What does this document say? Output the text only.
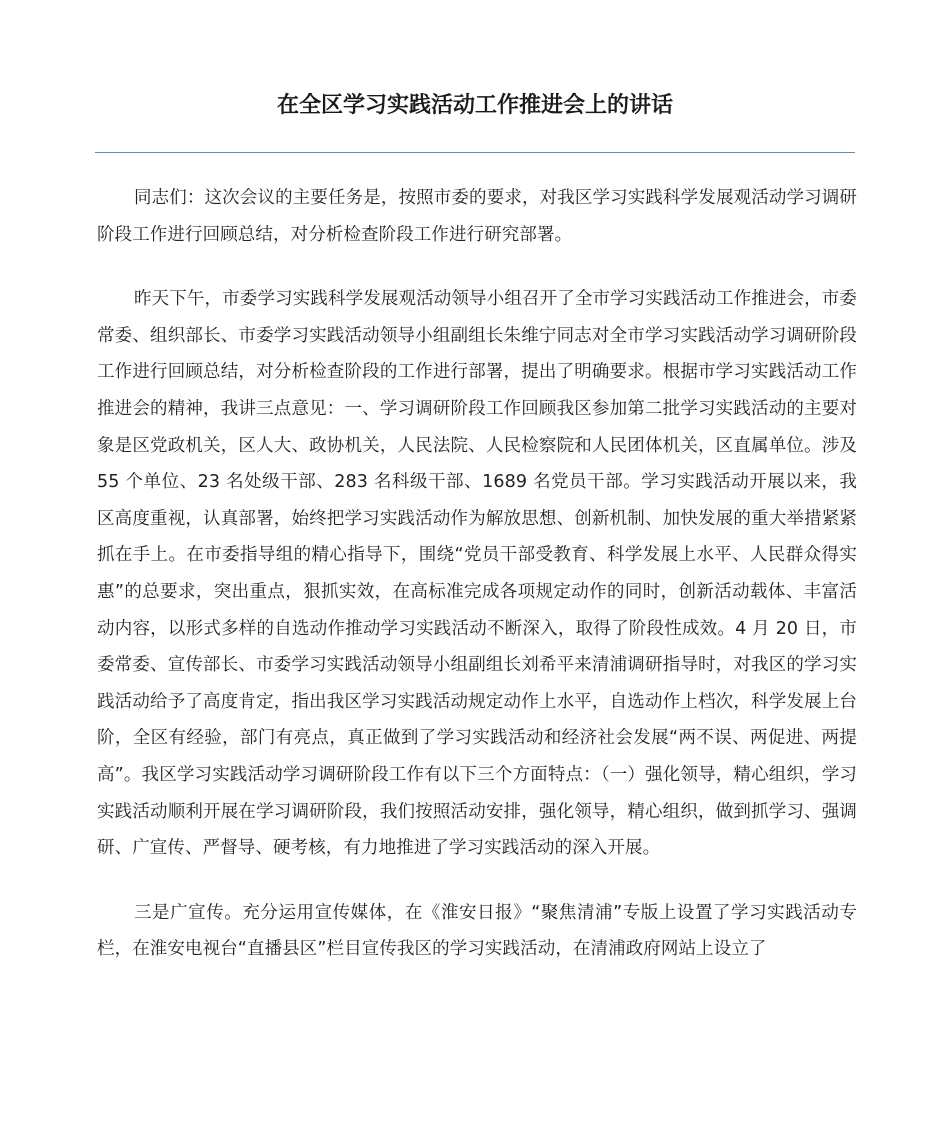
在全区学习实践活动工作推进会上的讲话

同志们：这次会议的主要任务是，按照市委的要求，对我区学习实践科学发展观活动学习调研阶段工作进行回顾总结，对分析检查阶段工作进行研究部署。

昨天下午，市委学习实践科学发展观活动领导小组召开了全市学习实践活动工作推进会，市委常委、组织部长、市委学习实践活动领导小组副组长朱维宁同志对全市学习实践活动学习调研阶段工作进行回顾总结，对分析检查阶段的工作进行部署，提出了明确要求。根据市学习实践活动工作推进会的精神，我讲三点意见：一、学习调研阶段工作回顾我区参加第二批学习实践活动的主要对象是区党政机关，区人大、政协机关，人民法院、人民检察院和人民团体机关，区直属单位。涉及 55 个单位、23 名处级干部、283 名科级干部、1689 名党员干部。学习实践活动开展以来，我区高度重视，认真部署，始终把学习实践活动作为解放思想、创新机制、加快发展的重大举措紧紧抓在手上。在市委指导组的精心指导下，围绕“党员干部受教育、科学发展上水平、人民群众得实惠”的总要求，突出重点，狠抓实效，在高标准完成各项规定动作的同时，创新活动载体、丰富活动内容，以形式多样的自选动作推动学习实践活动不断深入，取得了阶段性成效。4 月 20 日，市委常委、宣传部长、市委学习实践活动领导小组副组长刘希平来清浦调研指导时，对我区的学习实践活动给予了高度肯定，指出我区学习实践活动规定动作上水平，自选动作上档次，科学发展上台阶，全区有经验，部门有亮点，真正做到了学习实践活动和经济社会发展“两不误、两促进、两提高”。我区学习实践活动学习调研阶段工作有以下三个方面特点：（一）强化领导，精心组织，学习实践活动顺利开展在学习调研阶段，我们按照活动安排，强化领导，精心组织，做到抓学习、强调研、广宣传、严督导、硬考核，有力地推进了学习实践活动的深入开展。

三是广宣传。充分运用宣传媒体，在《淮安日报》“聚焦清浦”专版上设置了学习实践活动专栏，在淮安电视台“直播县区”栏目宣传我区的学习实践活动，在清浦政府网站上设立了
